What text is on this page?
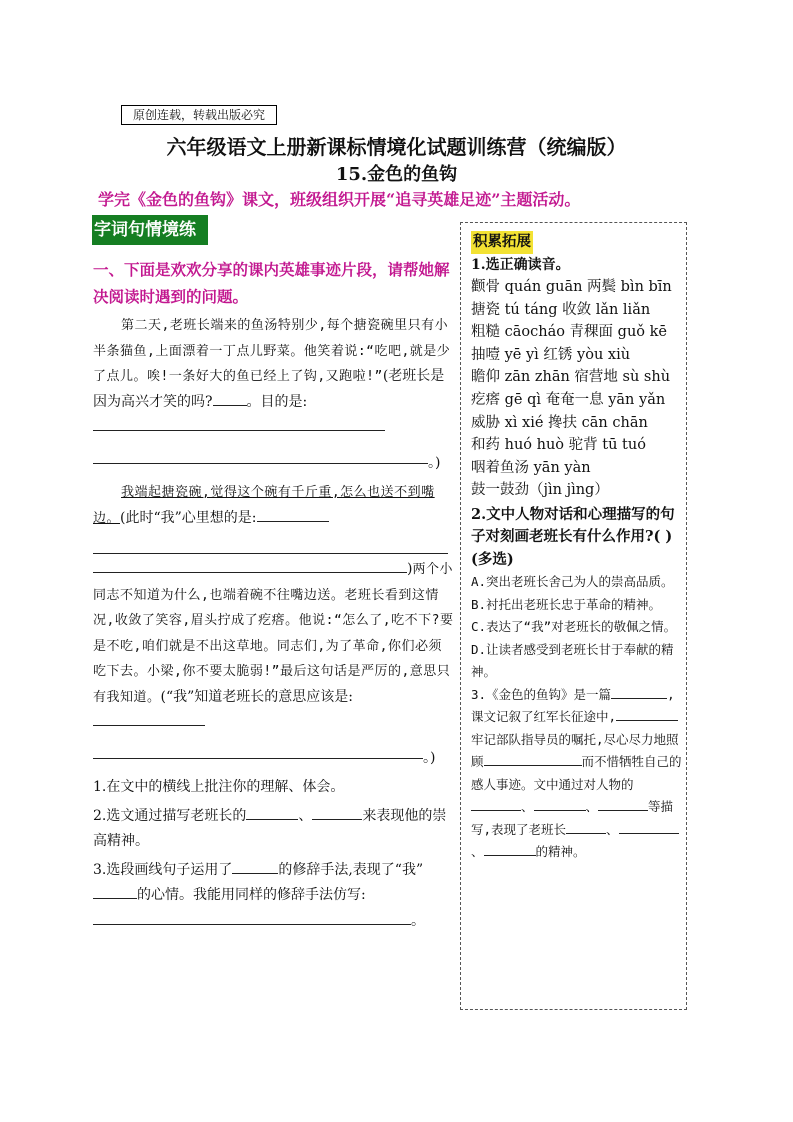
原创连载，转载出版必究
六年级语文上册新课标情境化试题训练营（统编版）
15.金色的鱼钩
学完《金色的鱼钩》课文，班级组织开展“追寻英雄足迹”主题活动。
字词句情境练
一、下面是欢欢分享的课内英雄事迹片段，请帮她解决阅读时遇到的问题。
第二天,老班长端来的鱼汤特别少,每个搪瓷碗里只有小半条猫鱼,上面漂着一丁点儿野菜。他笑着说:“吃吧,就是少了点儿。唉!一条好大的鱼已经上了钩,又跑啦!”(老班长是因为高兴才笑的吗? 。目的是: 。)
我端起搪瓷碗,觉得这个碗有千斤重,怎么也送不到嘴边。(此时“我”心里想的是:
)两个小同志不知道为什么,也端着碗不往嘴边送。老班长看到这情况,收敛了笑容,眉头拧成了疙瘩。他说:“怎么了,吃不下?要是不吃,咱们就是不出这草地。同志们,为了革命,你们必须吃下去。小梁,你不要太脆弱!”最后这句话是严厉的,意思只有我知道。(“我”知道老班长的意思应该是: 。)
1.在文中的横线上批注你的理解、体会。
2.选文通过描写老班长的	、	来表现他的崇高精神。
3.选段画线句子运用了	的修辞手法,表现了“我”的心情。我能用同样的修辞手法仿写:。
积累拓展
1.选正确读音。
颧骨 quán guān 两鬓 bìn bīn
搪瓷 tú táng 收敛 lǎn liǎn
粗糙 cāocháo 青稞面 guǒ kē
抽噎 yē yì 红锈 yòu xiù
瞻仰 zān zhān 宿营地 sù shù
疙瘩 gē qì 奄奄一息 yān yǎn
威胁 xì xié 搀扶 cān chān
和药 huó huò 驼背 tū tuó
咽着鱼汤 yān yàn
鼓一鼓劲（jìn jìng）
2.文中人物对话和心理描写的句子对刻画老班长有什么作用?( )(多选)
A.突出老班长舍己为人的崇高品质。
B.衬托出老班长忠于革命的精神。
C.表达了“我”对老班长的敬佩之情。
D.让读者感受到老班长甘于奉献的精神。
3.《金色的鱼钩》是一篇	,课文记叙了红军长征途中,牢记部队指导员的嘱托,尽心尽力地照顾	而不惜牺牲自己的感人事迹。文中通过对人物的、	、	等描写,表现了老班长	、、	的精神。
